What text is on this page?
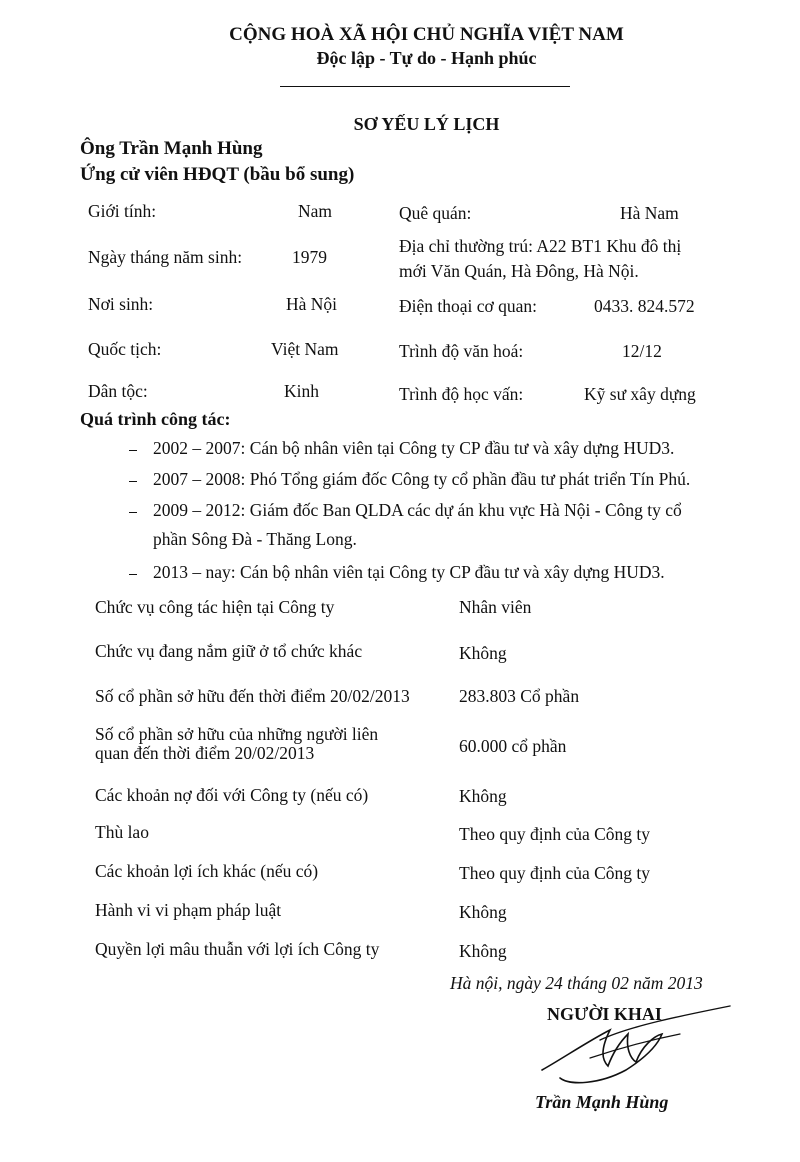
CỘNG HOÀ XÃ HỘI CHỦ NGHĨA VIỆT NAM
Độc lập - Tự do - Hạnh phúc
SƠ YẾU LÝ LỊCH
Ông Trần Mạnh Hùng
Ứng cử viên HĐQT (bầu bổ sung)
Giới tính:	Nam	Quê quán:	Hà Nam
Ngày tháng năm sinh:	1979
Địa chỉ thường trú: A22 BT1 Khu đô thị
mới Văn Quán, Hà Đông, Hà Nội.
Nơi sinh:	Hà Nội	Điện thoại cơ quan:	0433. 824.572
Quốc tịch:	Việt Nam	Trình độ văn hoá:	12/12
Dân tộc:	Kinh	Trình độ học vấn:	Kỹ sư xây dựng
Quá trình công tác:
2002 – 2007: Cán bộ nhân viên tại Công ty CP đầu tư và xây dựng HUD3.
2007 – 2008: Phó Tổng giám đốc Công ty cổ phần đầu tư phát triển Tín Phú.
2009 – 2012: Giám đốc Ban QLDA các dự án khu vực Hà Nội - Công ty cổ
phần Sông Đà - Thăng Long.
2013 – nay: Cán bộ nhân viên tại Công ty CP đầu tư và xây dựng HUD3.
Chức vụ công tác hiện tại Công ty	Nhân viên
Chức vụ đang nắm giữ ở tổ chức khác	Không
Số cổ phần sở hữu đến thời điểm 20/02/2013	283.803 Cổ phần
Số cổ phần sở hữu của những người liên
quan đến thời điểm 20/02/2013	60.000 cổ phần
Các khoản nợ đối với Công ty (nếu có)	Không
Thù lao	Theo quy định của Công ty
Các khoản lợi ích khác (nếu có)	Theo quy định của Công ty
Hành vi vi phạm pháp luật	Không
Quyền lợi mâu thuẫn với lợi ích Công ty	Không
Hà nội, ngày 24 tháng 02 năm 2013
NGƯỜI KHAI
Trần Mạnh Hùng
